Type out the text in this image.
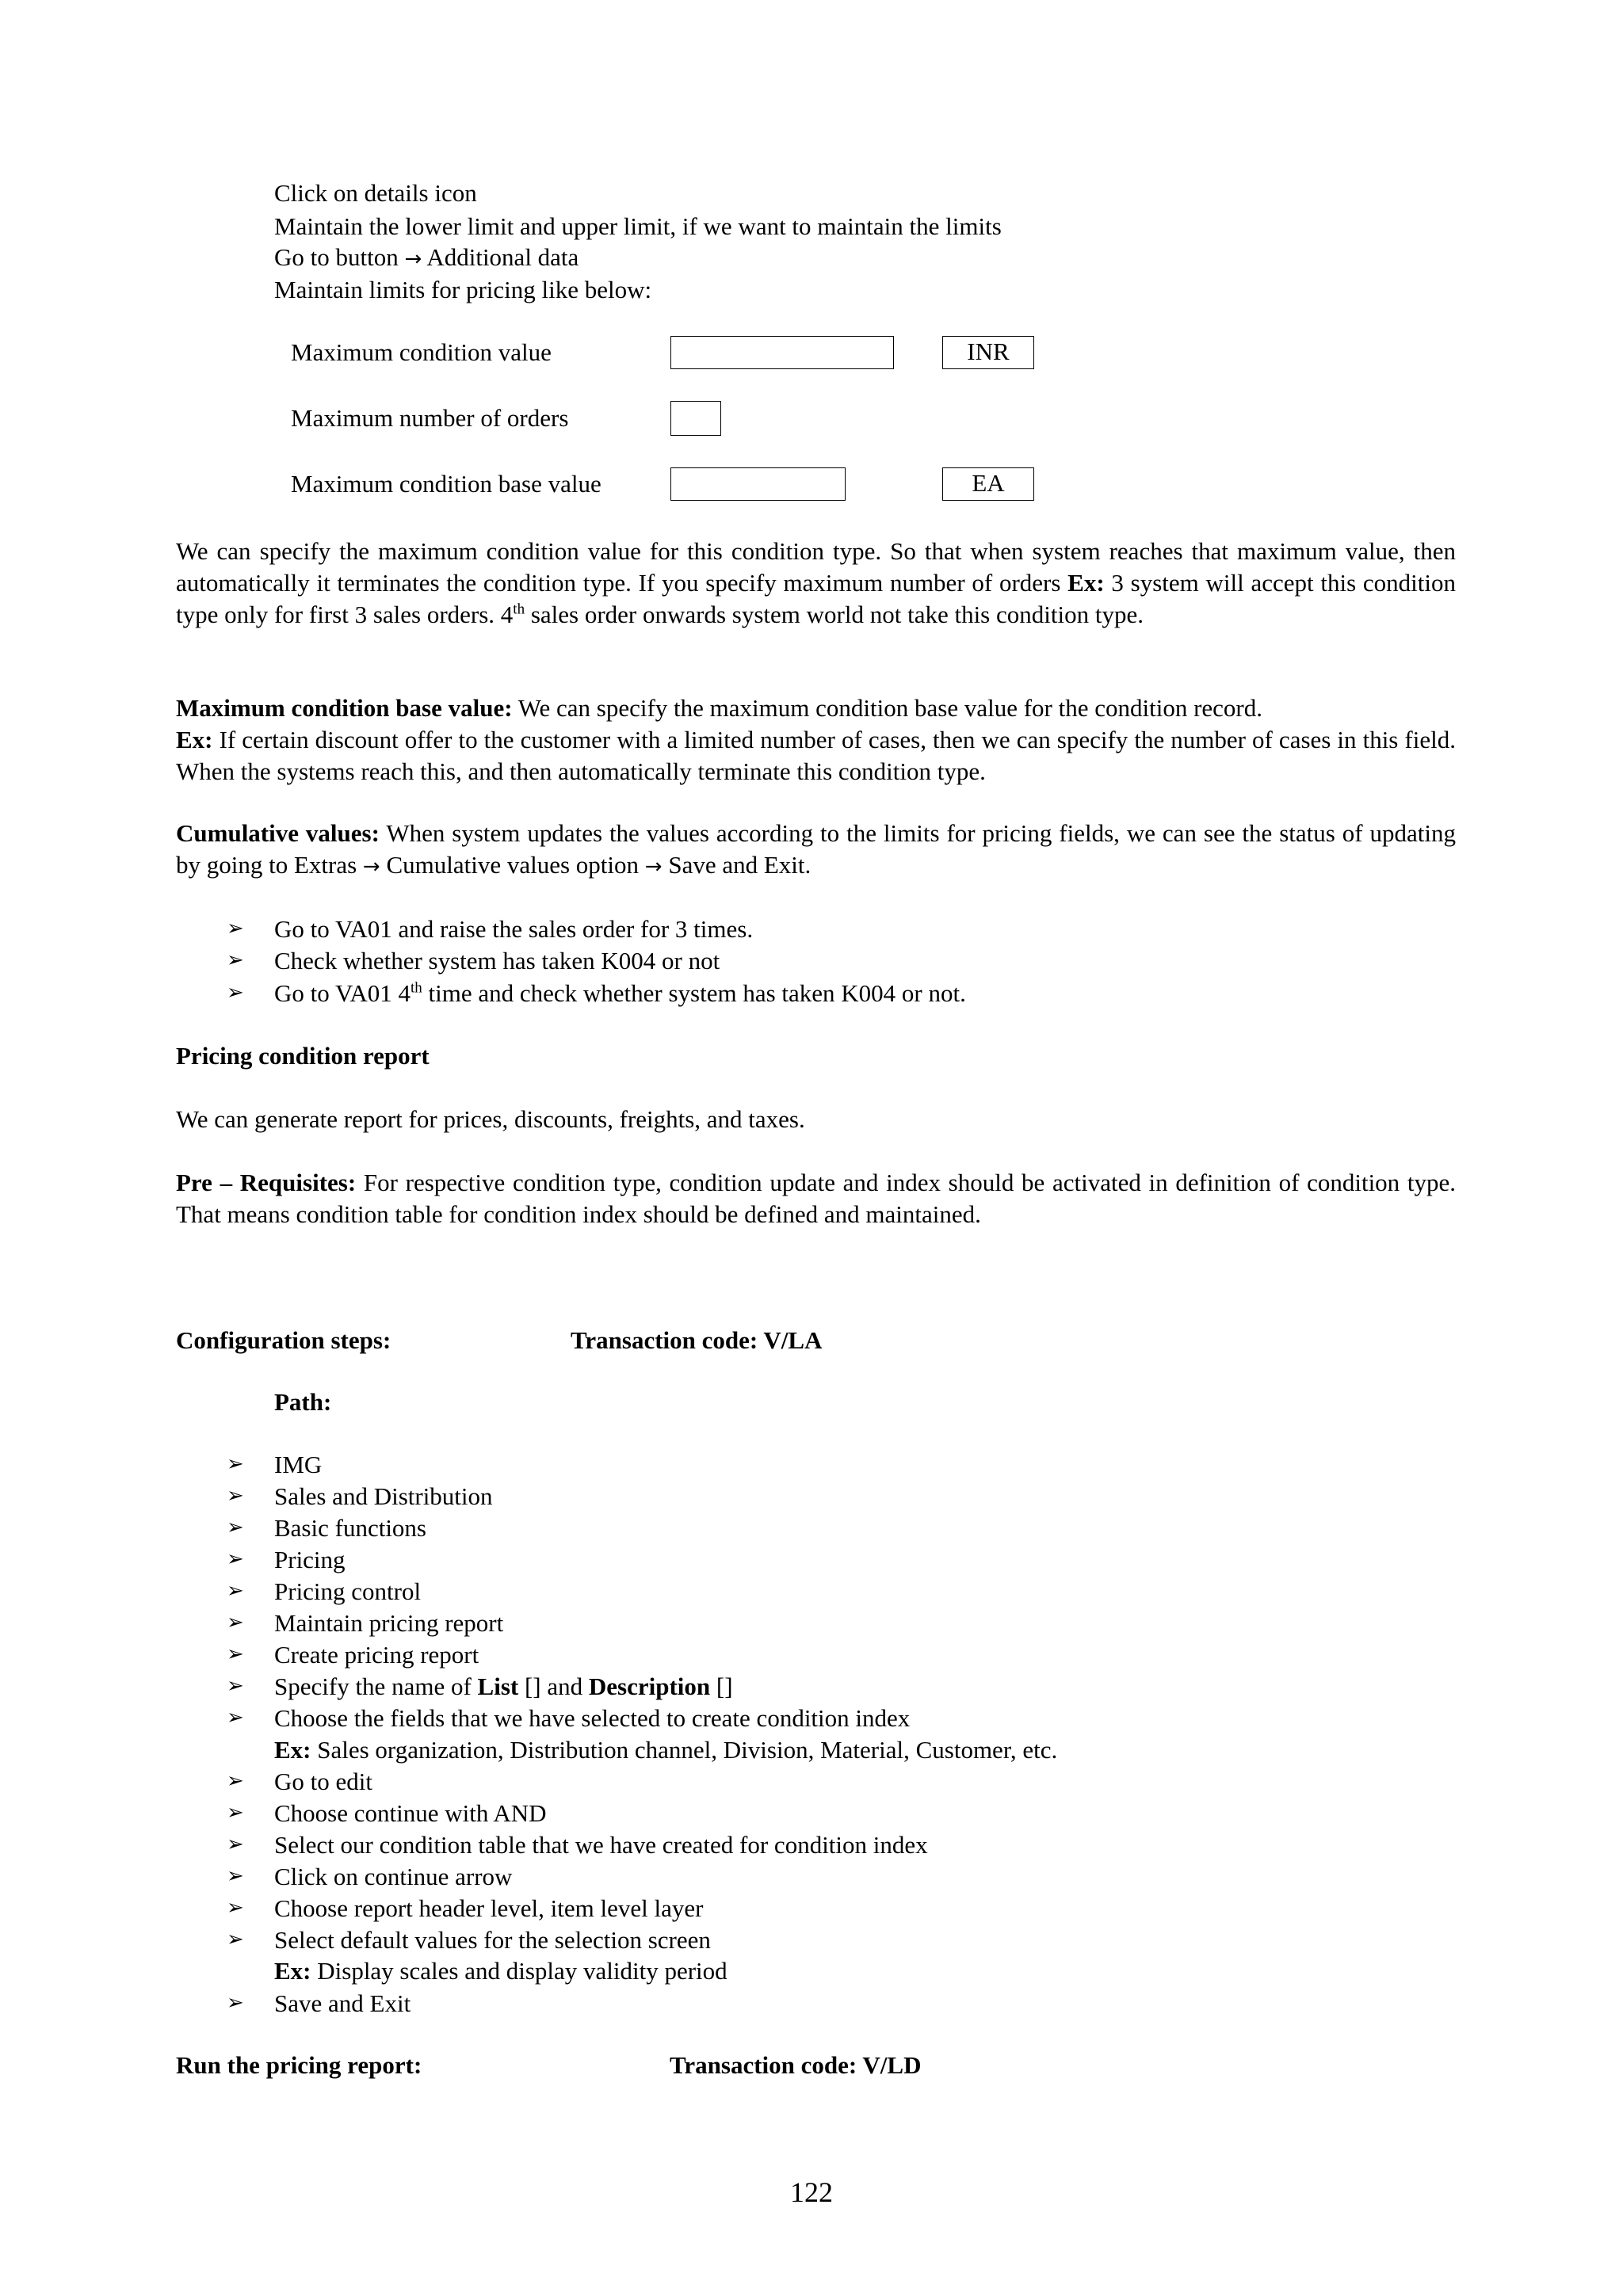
Click on details icon
Maintain the lower limit and upper limit, if we want to maintain the limits
Go to button → Additional data
Maintain limits for pricing like below:
Maximum condition value	INR
Maximum number of orders
Maximum condition base value	EA
We can specify the maximum condition value for this condition type. So that when system reaches that maximum value, then automatically it terminates the condition type. If you specify maximum number of orders Ex: 3 system will accept this condition type only for first 3 sales orders. 4th sales order onwards system world not take this condition type.
Maximum condition base value: We can specify the maximum condition base value for the condition record.
Ex: If certain discount offer to the customer with a limited number of cases, then we can specify the number of cases in this field. When the systems reach this, and then automatically terminate this condition type.
Cumulative values: When system updates the values according to the limits for pricing fields, we can see the status of updating by going to Extras → Cumulative values option → Save and Exit.
➢ Go to VA01 and raise the sales order for 3 times.
➢ Check whether system has taken K004 or not
➢ Go to VA01 4th time and check whether system has taken K004 or not.
Pricing condition report
We can generate report for prices, discounts, freights, and taxes.
Pre – Requisites: For respective condition type, condition update and index should be activated in definition of condition type. That means condition table for condition index should be defined and maintained.
Configuration steps:	Transaction code: V/LA
Path:
➢ IMG
➢ Sales and Distribution
➢ Basic functions
➢ Pricing
➢ Pricing control
➢ Maintain pricing report
➢ Create pricing report
➢ Specify the name of List [] and Description []
➢ Choose the fields that we have selected to create condition index
Ex: Sales organization, Distribution channel, Division, Material, Customer, etc.
➢ Go to edit
➢ Choose continue with AND
➢ Select our condition table that we have created for condition index
➢ Click on continue arrow
➢ Choose report header level, item level layer
➢ Select default values for the selection screen
Ex: Display scales and display validity period
➢ Save and Exit
Run the pricing report:	Transaction code: V/LD
122
